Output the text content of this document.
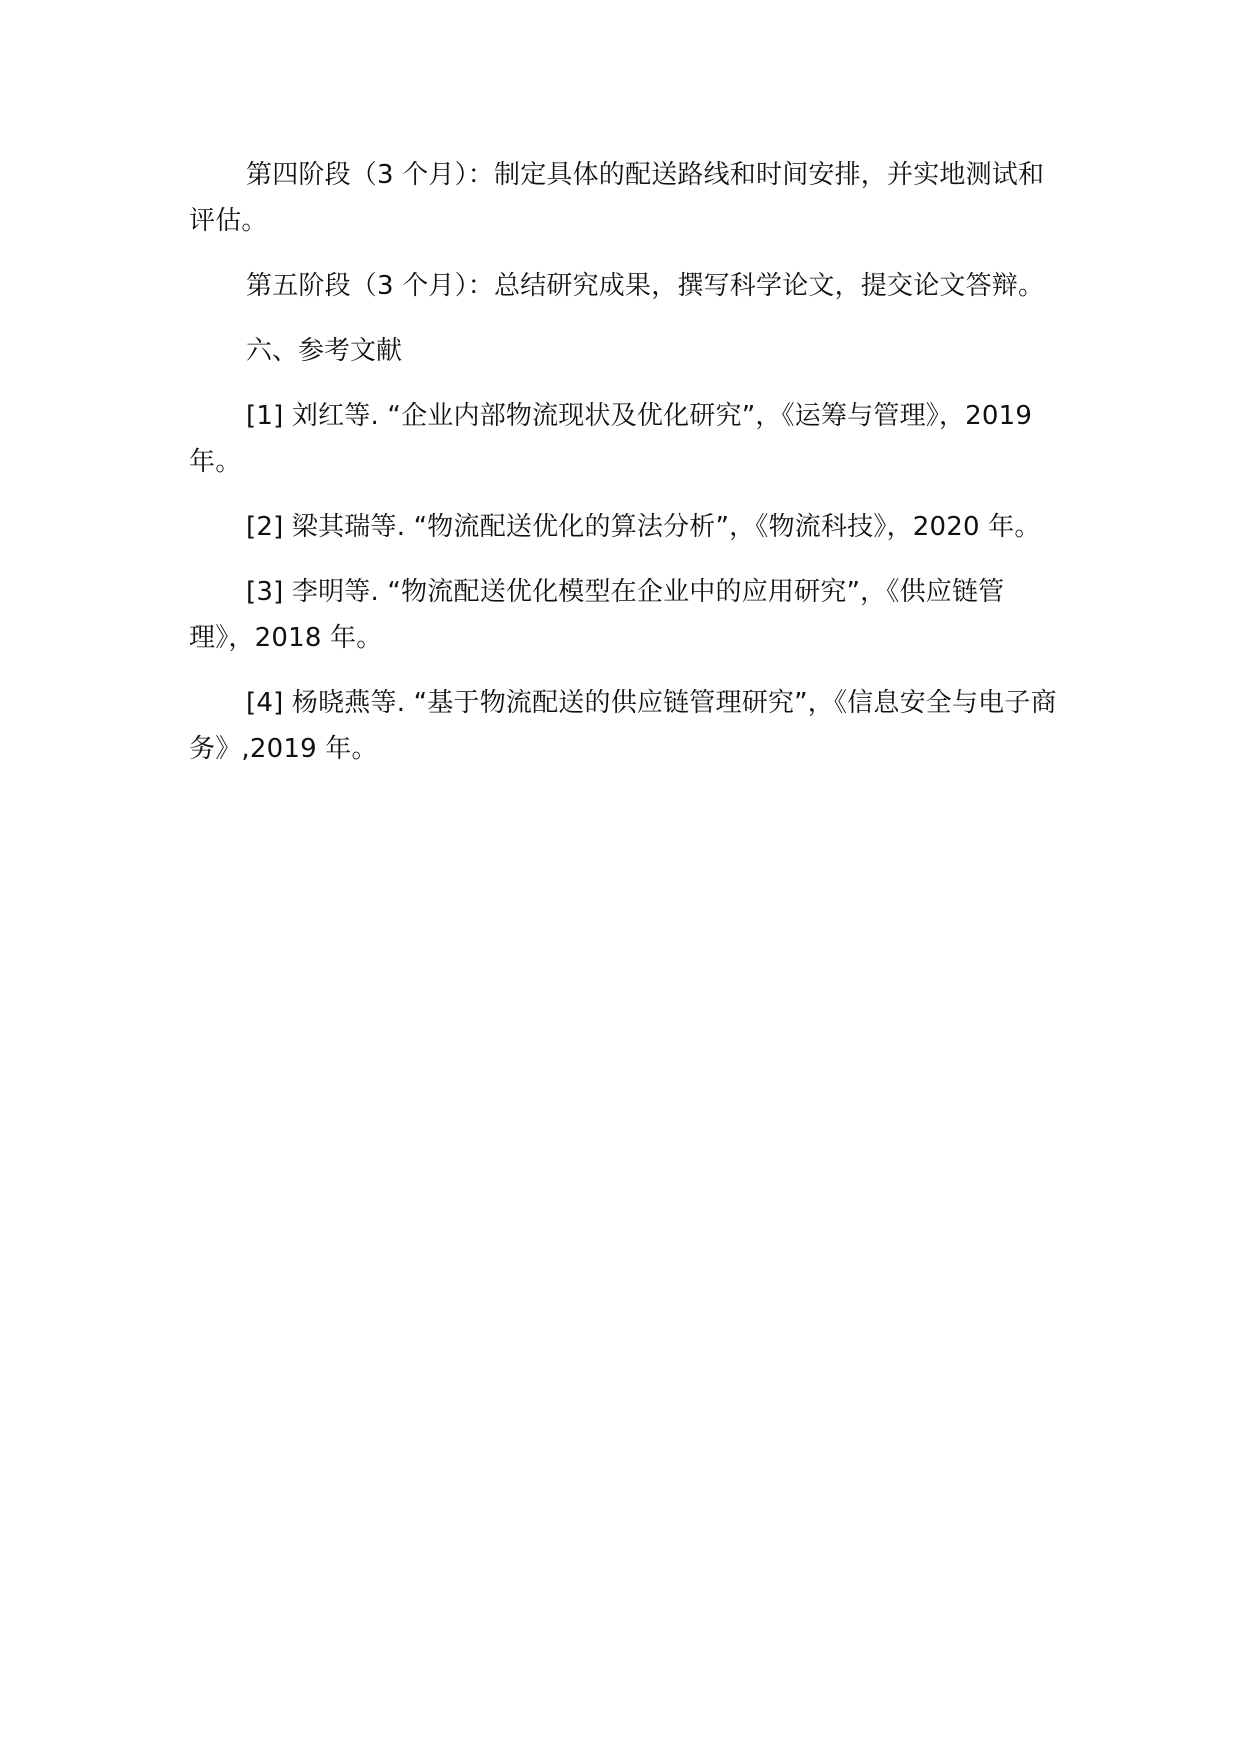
第四阶段（3 个月）：制定具体的配送路线和时间安排，并实地测试和评估。

第五阶段（3 个月）：总结研究成果，撰写科学论文，提交论文答辩。

六、参考文献

[1] 刘红等. “企业内部物流现状及优化研究”，《运筹与管理》，2019 年。

[2] 梁其瑞等. “物流配送优化的算法分析”，《物流科技》，2020 年。

[3] 李明等. “物流配送优化模型在企业中的应用研究”，《供应链管理》，2018 年。

[4] 杨晓燕等. “基于物流配送的供应链管理研究”，《信息安全与电子商务》,2019 年。
